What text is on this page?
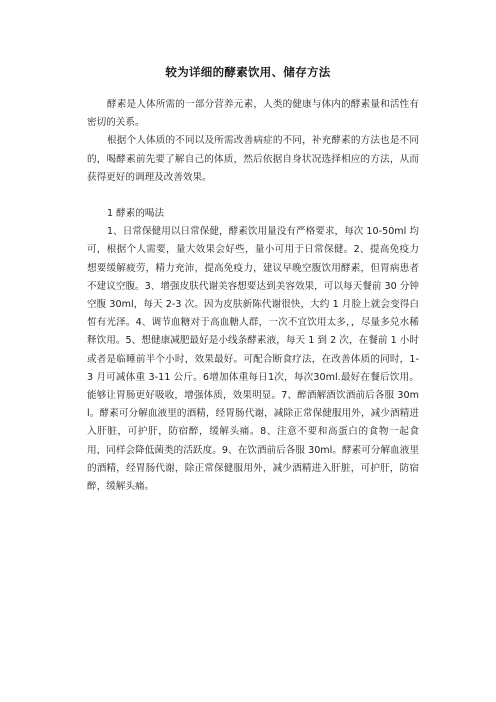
较为详细的酵素饮用、储存方法

酵素是人体所需的一部分营养元素，人类的健康与体内的酵素量和活性有密切的关系。

根据个人体质的不同以及所需改善病症的不同，补充酵素的方法也是不同的，喝酵素前先要了解自己的体质，然后依据自身状况选择相应的方法，从而获得更好的调理及改善效果。

1 酵素的喝法

1、日常保健用以日常保健，酵素饮用量没有严格要求，每次 10-50ml 均可，根据个人需要，量大效果会好些，量小可用于日常保健。2、提高免疫力想要缓解疲劳，精力充沛，提高免疫力，建议早晚空腹饮用酵素，但胃病患者不建议空腹。3、增强皮肤代谢美容想要达到美容效果，可以每天餐前 30 分钟空腹 30ml，每天 2-3 次。因为皮肤新陈代谢很快，大约 1 月脸上就会变得白皙有光泽。4、调节血糖对于高血糖人群，一次不宜饮用太多，，尽量多兑水稀释饮用。5、想健康减肥最好是小线条酵素液，每天 1 到 2 次，在餐前 1 小时或者是临睡前半个小时，效果最好。可配合断食疗法，在改善体质的同时，1-3 月可减体重 3-11 公斤。6增加体重每日1次，每次30ml.最好在餐后饮用。能够让胃肠更好吸收，增强体质，效果明显。7、醉酒解酒饮酒前后各服 30ml。酵素可分解血液里的酒精，经胃肠代谢，减除正常保健服用外，减少酒精进入肝脏，可护肝，防宿醉，缓解头痛。8、注意不要和高蛋白的食物一起食用，同样会降低菌类的活跃度。9、在饮酒前后各服 30ml。酵素可分解血液里的酒精，经胃肠代谢，除正常保健服用外，减少酒精进入肝脏，可护肝，防宿醉，缓解头痛。
